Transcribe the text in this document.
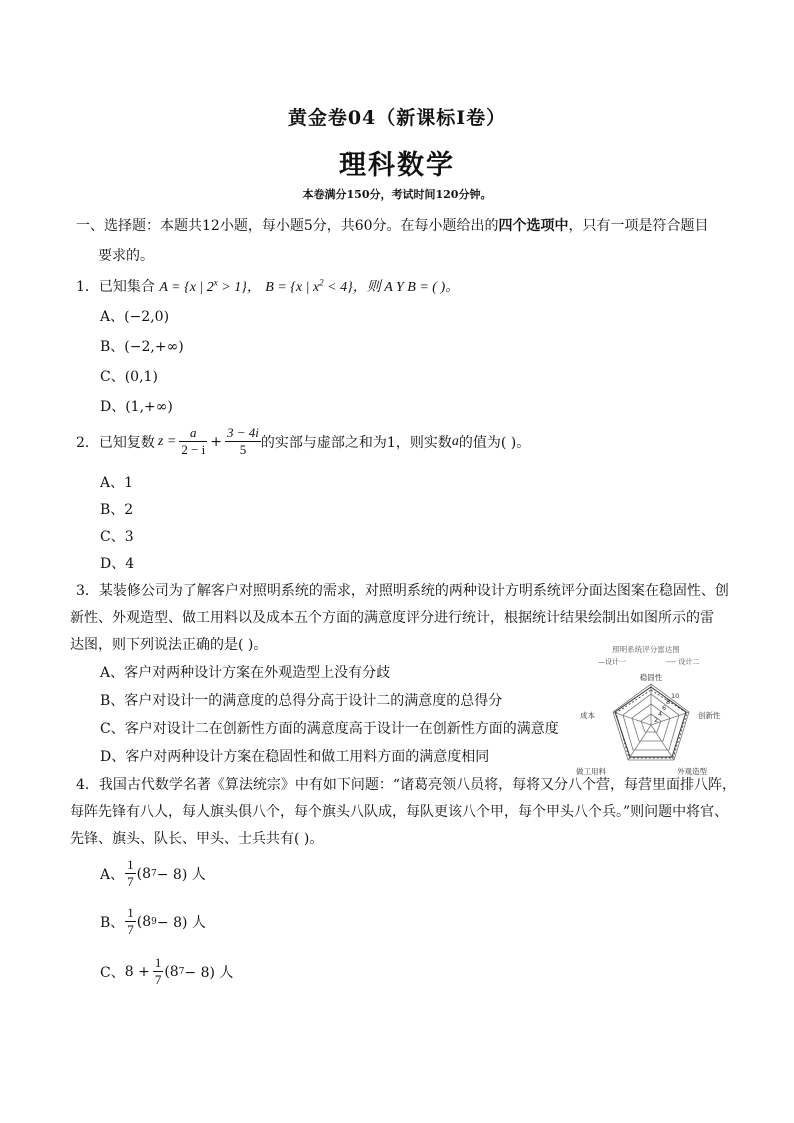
黄金卷04（新课标Ⅰ卷）
理科数学
本卷满分150分，考试时间120分钟。
一、选择题：本题共12小题，每小题5分，共60分。在每小题给出的四个选项中，只有一项是符合题目
要求的。
1．已知集合 A = {x | $2^x > 1$}， B = {x | $x^2 < 4$}，则 A Y B = ( )。
A、(−2,0)
B、(−2,+∞)
C、(0,1)
D、(1,+∞)
2．已知复数 $z = \frac{a}{2 - i} + \frac{3 - 4i}{5}$ 的实部与虚部之和为1，则实数 a 的值为( )。
A、1
B、2
C、3
D、4
3．某装修公司为了解客户对照明系统的需求，对照明系统的两种设计方明系统评分面达图案在稳固性、创
新性、外观造型、做工用料以及成本五个方面的满意度评分进行统计，根据统计结果绘制出如图所示的雷
达图，则下列说法正确的是( )。
A、客户对两种设计方案在外观造型上没有分歧
B、客户对设计一的满意度的总得分高于设计二的满意度的总得分
C、客户对设计二在创新性方面的满意度高于设计一在创新性方面的满意度
D、客户对两种设计方案在稳固性和做工用料方面的满意度相同
照明系统评分雷达图
—设计一	---- 设计二
稳固性
创新性
外观造型
做工用料
成本
10
8
6
4
2
4．我国古代数学名著《算法统宗》中有如下问题：“诸葛亮领八员将，每将又分八个营，每营里面排八阵，
每阵先锋有八人，每人旗头俱八个，每个旗头八队成，每队更该八个甲，每个甲头八个兵。”则问题中将官、
先锋、旗头、队长、甲头、士兵共有( )。
A、 $\frac{1}{7} (8$ 7 − 8) 人
B、 $\frac{1}{7} (8$ 9 − 8) 人
C、 $8 + \frac{1}{7} (8$ 7 − 8) 人
